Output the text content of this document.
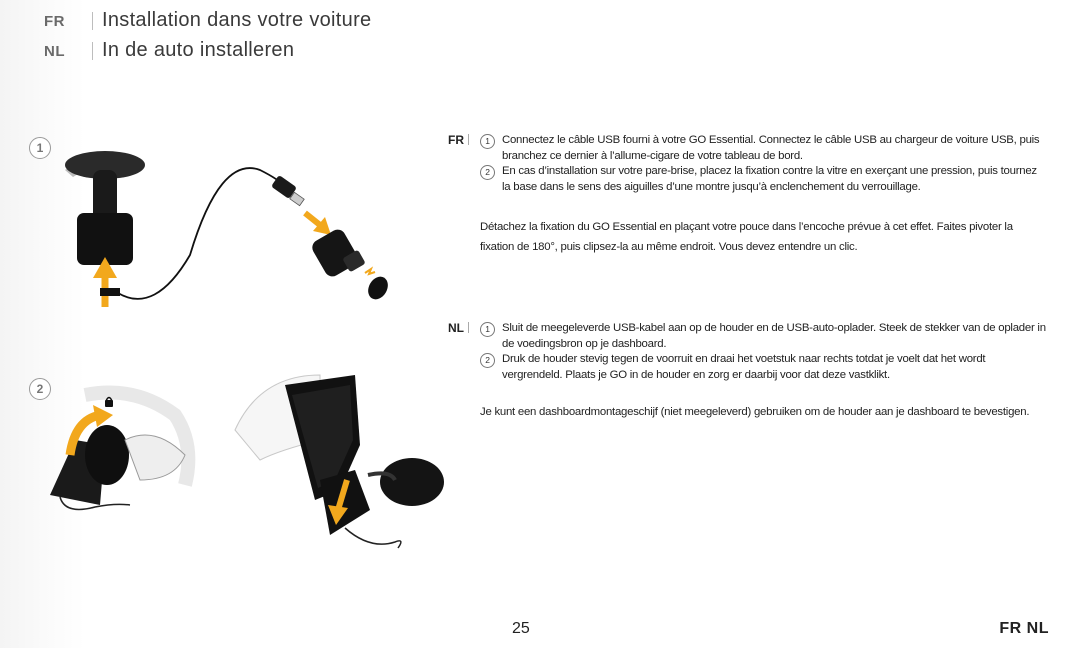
FR	Installation dans votre voiture
NL	In de auto installeren
1
2
FR	1	Connectez le câble USB fourni à votre GO Essential. Connectez le câble USB au chargeur de voiture USB, puis branchez ce dernier à l’allume-cigare de votre tableau de bord.
2	En cas d’installation sur votre pare-brise, placez la fixation contre la vitre en exerçant une pression, puis tournez la base dans le sens des aiguilles d’une montre jusqu’à enclenchement du verrouillage.
Détachez la fixation du GO Essential en plaçant votre pouce dans l’encoche prévue à cet effet. Faites pivoter la fixation de 180°, puis clipsez-la au même endroit. Vous devez entendre un clic.
NL	1	Sluit de meegeleverde USB-kabel aan op de houder en de USB-auto-oplader. Steek de stekker van de oplader in de voedingsbron op je dashboard.
2	Druk de houder stevig tegen de voorruit en draai het voetstuk naar rechts totdat je voelt dat het wordt vergrendeld. Plaats je GO in de houder en zorg er daarbij voor dat deze vastklikt.
Je kunt een dashboardmontageschijf (niet meegeleverd) gebruiken om de houder aan je dashboard te bevestigen.
25	FR NL
